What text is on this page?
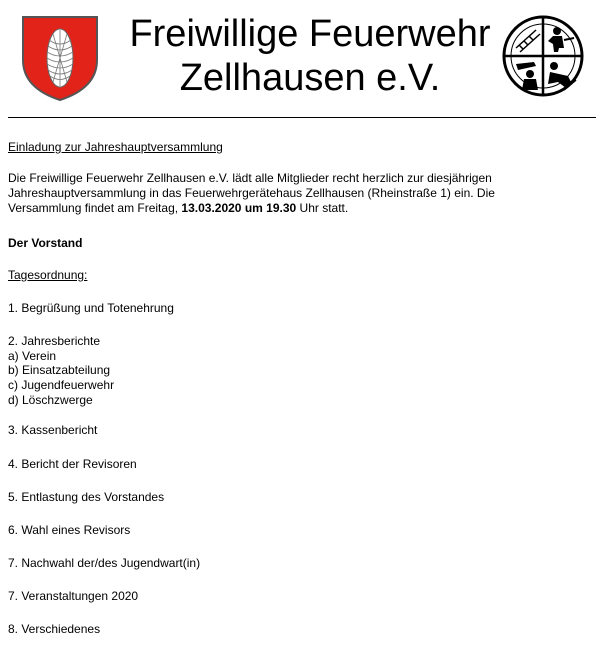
Freiwillige Feuerwehr
Zellhausen e.V.
Einladung zur Jahreshauptversammlung
Die Freiwillige Feuerwehr Zellhausen e.V. lädt alle Mitglieder recht herzlich zur diesjährigen
Jahreshauptversammlung in das Feuerwehrgerätehaus Zellhausen (Rheinstraße 1) ein. Die
Versammlung findet am Freitag, 13.03.2020 um 19.30 Uhr statt.
Der Vorstand
Tagesordnung:
1. Begrüßung und Totenehrung
2. Jahresberichte
a) Verein
b) Einsatzabteilung
c) Jugendfeuerwehr
d) Löschzwerge
3. Kassenbericht
4. Bericht der Revisoren
5. Entlastung des Vorstandes
6. Wahl eines Revisors
7. Nachwahl der/des Jugendwart(in)
7. Veranstaltungen 2020
8. Verschiedenes
